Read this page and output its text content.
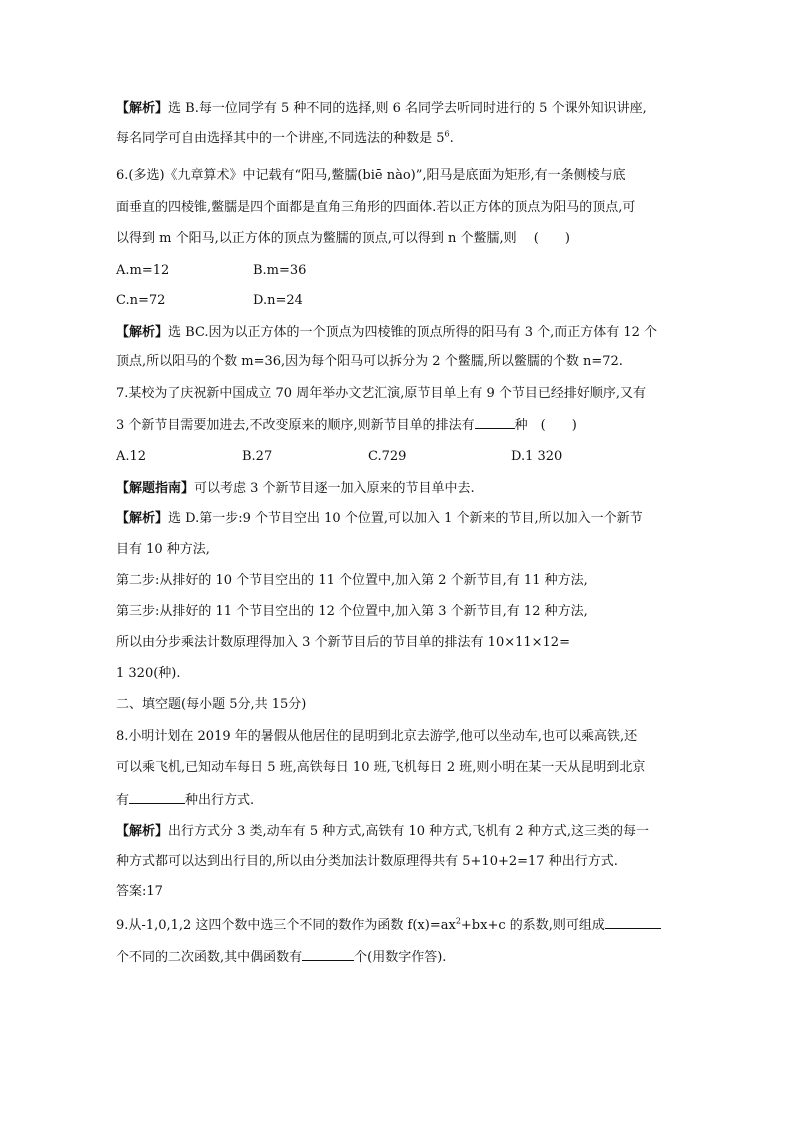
【解析】选 B.每一位同学有 5 种不同的选择,则 6 名同学去听同时进行的 5 个课外知识讲座,
每名同学可自由选择其中的一个讲座,不同选法的种数是 $5^6$.
6.(多选)《九章算术》中记载有“阳马,鳖臑(biē nào)”,阳马是底面为矩形,有一条侧棱与底
面垂直的四棱锥,鳖臑是四个面都是直角三角形的四面体.若以正方体的顶点为阳马的顶点,可
以得到 m 个阳马,以正方体的顶点为鳖臑的顶点,可以得到 n 个鳖臑,则　 (　　)
A.m=12	B.m=36
C.n=72	D.n=24
【解析】选 BC.因为以正方体的一个顶点为四棱锥的顶点所得的阳马有 3 个,而正方体有 12 个
顶点,所以阳马的个数 m=36,因为每个阳马可以拆分为 2 个鳖臑,所以鳖臑的个数 n=72.
7.某校为了庆祝新中国成立 70 周年举办文艺汇演,原节目单上有 9 个节目已经排好顺序,又有
3 个新节目需要加进去,不改变原来的顺序,则新节目单的排法有	种　(　　)
A.12	B.27	C.729	D.1 320
【解题指南】可以考虑 3 个新节目逐一加入原来的节目单中去.
【解析】选 D.第一步:9 个节目空出 10 个位置,可以加入 1 个新来的节目,所以加入一个新节
目有 10 种方法,
第二步:从排好的 10 个节目空出的 11 个位置中,加入第 2 个新节目,有 11 种方法,
第三步:从排好的 11 个节目空出的 12 个位置中,加入第 3 个新节目,有 12 种方法,
所以由分步乘法计数原理得加入 3 个新节目后的节目单的排法有 10×11×12=
1 320(种).
二、填空题(每小题 5分,共 15分)
8.小明计划在 2019 年的暑假从他居住的昆明到北京去游学,他可以坐动车,也可以乘高铁,还
可以乘飞机,已知动车每日 5 班,高铁每日 10 班,飞机每日 2 班,则小明在某一天从昆明到北京
有	种出行方式.
【解析】出行方式分 3 类,动车有 5 种方式,高铁有 10 种方式,飞机有 2 种方式,这三类的每一
种方式都可以达到出行目的,所以由分类加法计数原理得共有 5+10+2=17 种出行方式.
答案:17
9.从-1,0,1,2 这四个数中选三个不同的数作为函数 $f(x)=ax^2+bx+c$ 的系数,则可组成
个不同的二次函数,其中偶函数有	个(用数字作答).
